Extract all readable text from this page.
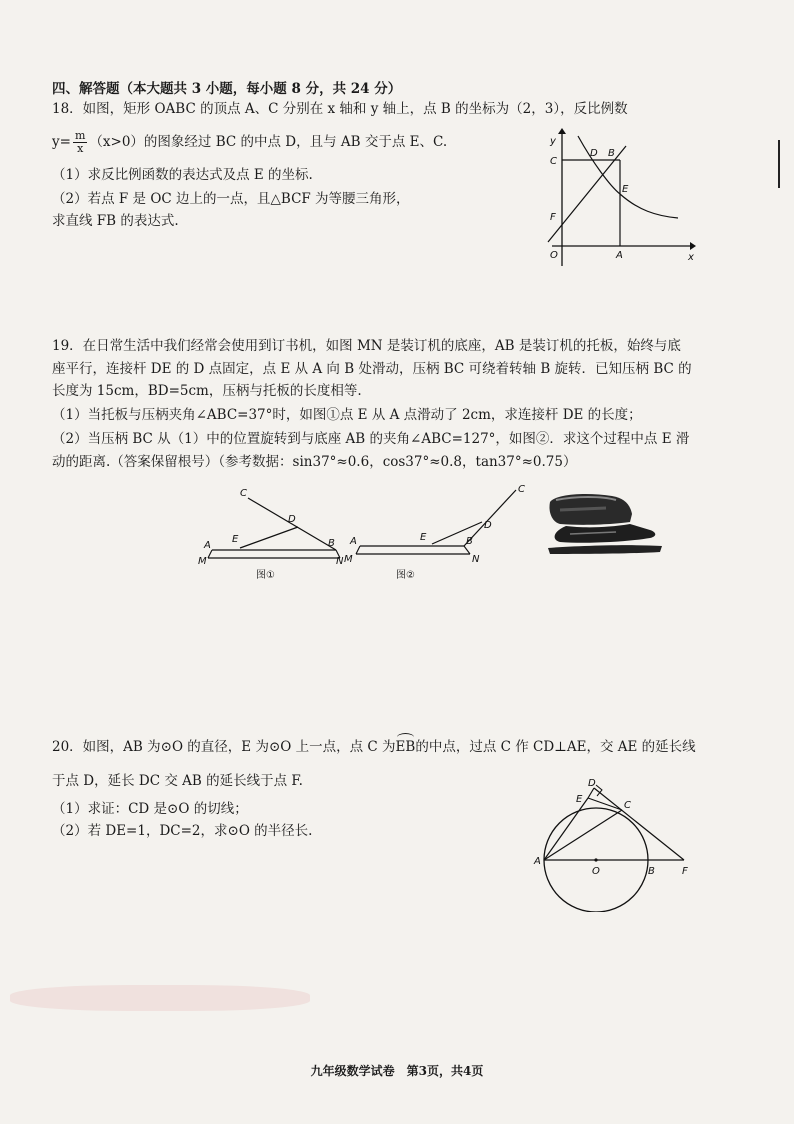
四、解答题（本大题共 3 小题，每小题 8 分，共 24 分）
18．如图，矩形 OABC 的顶点 A、C 分别在 x 轴和 y 轴上，点 B 的坐标为（2，3），反比例数
$y= \frac{m}{x} (x>0)$的图象经过 BC 的中点 D，且与 AB 交于点 E、C.
（1）求反比例函数的表达式及点 E 的坐标.
（2）若点 F 是 OC 边上的一点，且△BCF 为等腰三角形，
求直线 FB 的表达式.
y
C
D B
E
F
O	A	x
19．在日常生活中我们经常会使用到订书机，如图 MN 是装订机的底座，AB 是装订机的托板，始终与底
座平行，连接杆 DE 的 D 点固定，点 E 从 A 向 B 处滑动，压柄 BC 可绕着转轴 B 旋转．已知压柄 BC 的
长度为 15cm，BD=5cm，压柄与托板的长度相等.
（1）当托板与压柄夹角∠ABC=37°时，如图①点 E 从 A 点滑动了 2cm，求连接杆 DE 的长度；
（2）当压柄 BC 从（1）中的位置旋转到与底座 AB 的夹角∠ABC=127°，如图②．求这个过程中点 E 滑
动的距离.（答案保留根号）（参考数据：sin37°≈0.6，cos37°≈0.8，tan37°≈0.75）
C
D
E
A	B
M	N
图①
C
D
E
A	B
M	N
图②
20．如图，AB 为⊙O 的直径，E 为⊙O 上一点，点 C 为EB的中点，过点 C 作 CD⊥AE，交 AE 的延长线
于点 D，延长 DC 交 AB 的延长线于点 F.
（1）求证：CD 是⊙O 的切线；
（2）若 DE=1，DC=2，求⊙O 的半径长.
D
E
C
A
O	B	F
九年级数学试卷　第3页，共4页
